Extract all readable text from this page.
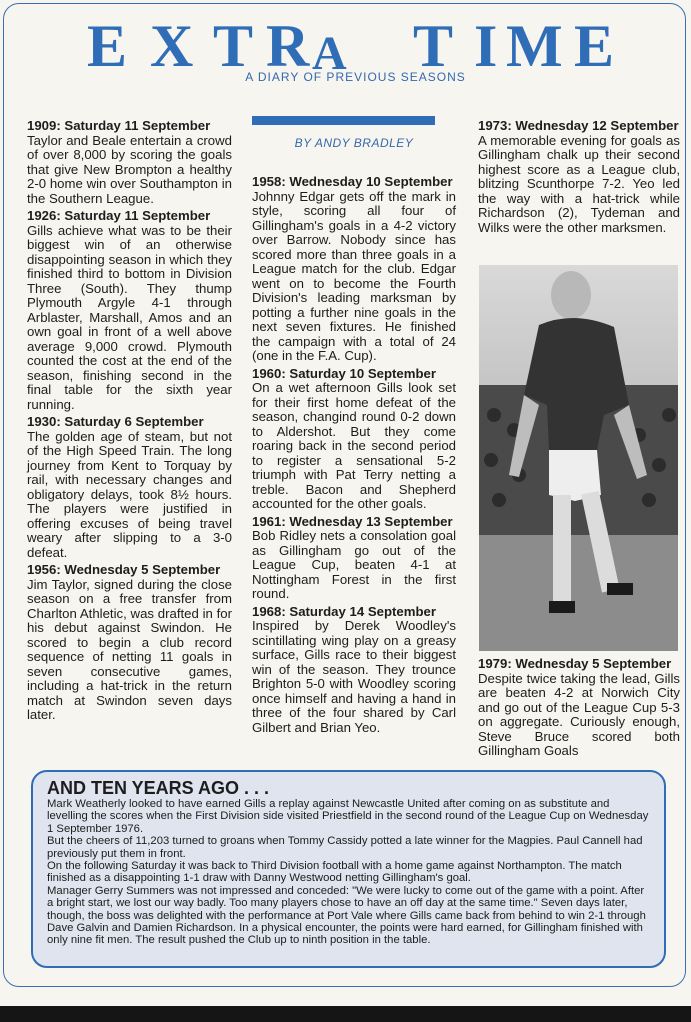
E X T R A T I M E
A DIARY OF PREVIOUS SEASONS

1909: Saturday 11 September
Taylor and Beale entertain a crowd of over 8,000 by scoring the goals that give New Brompton a healthy 2-0 home win over Southampton in the Southern League.

1926: Saturday 11 September
Gills achieve what was to be their biggest win of an otherwise disappointing season in which they finished third to bottom in Division Three (South). They thump Plymouth Argyle 4-1 through Arblaster, Marshall, Amos and an own goal in front of a well above average 9,000 crowd. Plymouth counted the cost at the end of the season, finishing second in the final table for the sixth year running.

1930: Saturday 6 September
The golden age of steam, but not of the High Speed Train. The long journey from Kent to Torquay by rail, with necessary changes and obligatory delays, took 8½ hours. The players were justified in offering excuses of being travel weary after slipping to a 3-0 defeat.

1956: Wednesday 5 September
Jim Taylor, signed during the close season on a free transfer from Charlton Athletic, was drafted in for his debut against Swindon. He scored to begin a club record sequence of netting 11 goals in seven consecutive games, including a hat-trick in the return match at Swindon seven days later.

BY ANDY BRADLEY

1958: Wednesday 10 September
Johnny Edgar gets off the mark in style, scoring all four of Gillingham's goals in a 4-2 victory over Barrow. Nobody since has scored more than three goals in a League match for the club. Edgar went on to become the Fourth Division's leading marksman by potting a further nine goals in the next seven fixtures. He finished the campaign with a total of 24 (one in the F.A. Cup).

1960: Saturday 10 September
On a wet afternoon Gills look set for their first home defeat of the season, changind round 0-2 down to Aldershot. But they come roaring back in the second period to register a sensational 5-2 triumph with Pat Terry netting a treble. Bacon and Shepherd accounted for the other goals.

1961: Wednesday 13 September
Bob Ridley nets a consolation goal as Gillingham go out of the League Cup, beaten 4-1 at Nottingham Forest in the first round.

1968: Saturday 14 September
Inspired by Derek Woodley's scintillating wing play on a greasy surface, Gills race to their biggest win of the season. They trounce Brighton 5-0 with Woodley scoring once himself and having a hand in three of the four shared by Carl Gilbert and Brian Yeo.

1973: Wednesday 12 September
A memorable evening for goals as Gillingham chalk up their second highest score as a League club, blitzing Scunthorpe 7-2. Yeo led the way with a hat-trick while Richardson (2), Tydeman and Wilks were the other marksmen.

1979: Wednesday 5 September
Despite twice taking the lead, Gills are beaten 4-2 at Norwich City and go out of the League Cup 5-3 on aggregate. Curiously enough, Steve Bruce scored both Gillingham Goals

AND TEN YEARS AGO . . .

Mark Weatherly looked to have earned Gills a replay against Newcastle United after coming on as substitute and levelling the scores when the First Division side visited Priestfield in the second round of the League Cup on Wednesday 1 September 1976.

But the cheers of 11,203 turned to groans when Tommy Cassidy potted a late winner for the Magpies. Paul Cannell had previously put them in front.

On the following Saturday it was back to Third Division football with a home game against Northampton. The match finished as a disappointing 1-1 draw with Danny Westwood netting Gillingham's goal.

Manager Gerry Summers was not impressed and conceded: "We were lucky to come out of the game with a point. After a bright start, we lost our way badly. Too many players chose to have an off day at the same time." Seven days later, though, the boss was delighted with the performance at Port Vale where Gills came back from behind to win 2-1 through Dave Galvin and Damien Richardson. In a physical encounter, the points were hard earned, for Gillingham finished with only nine fit men. The result pushed the Club up to ninth position in the table.
